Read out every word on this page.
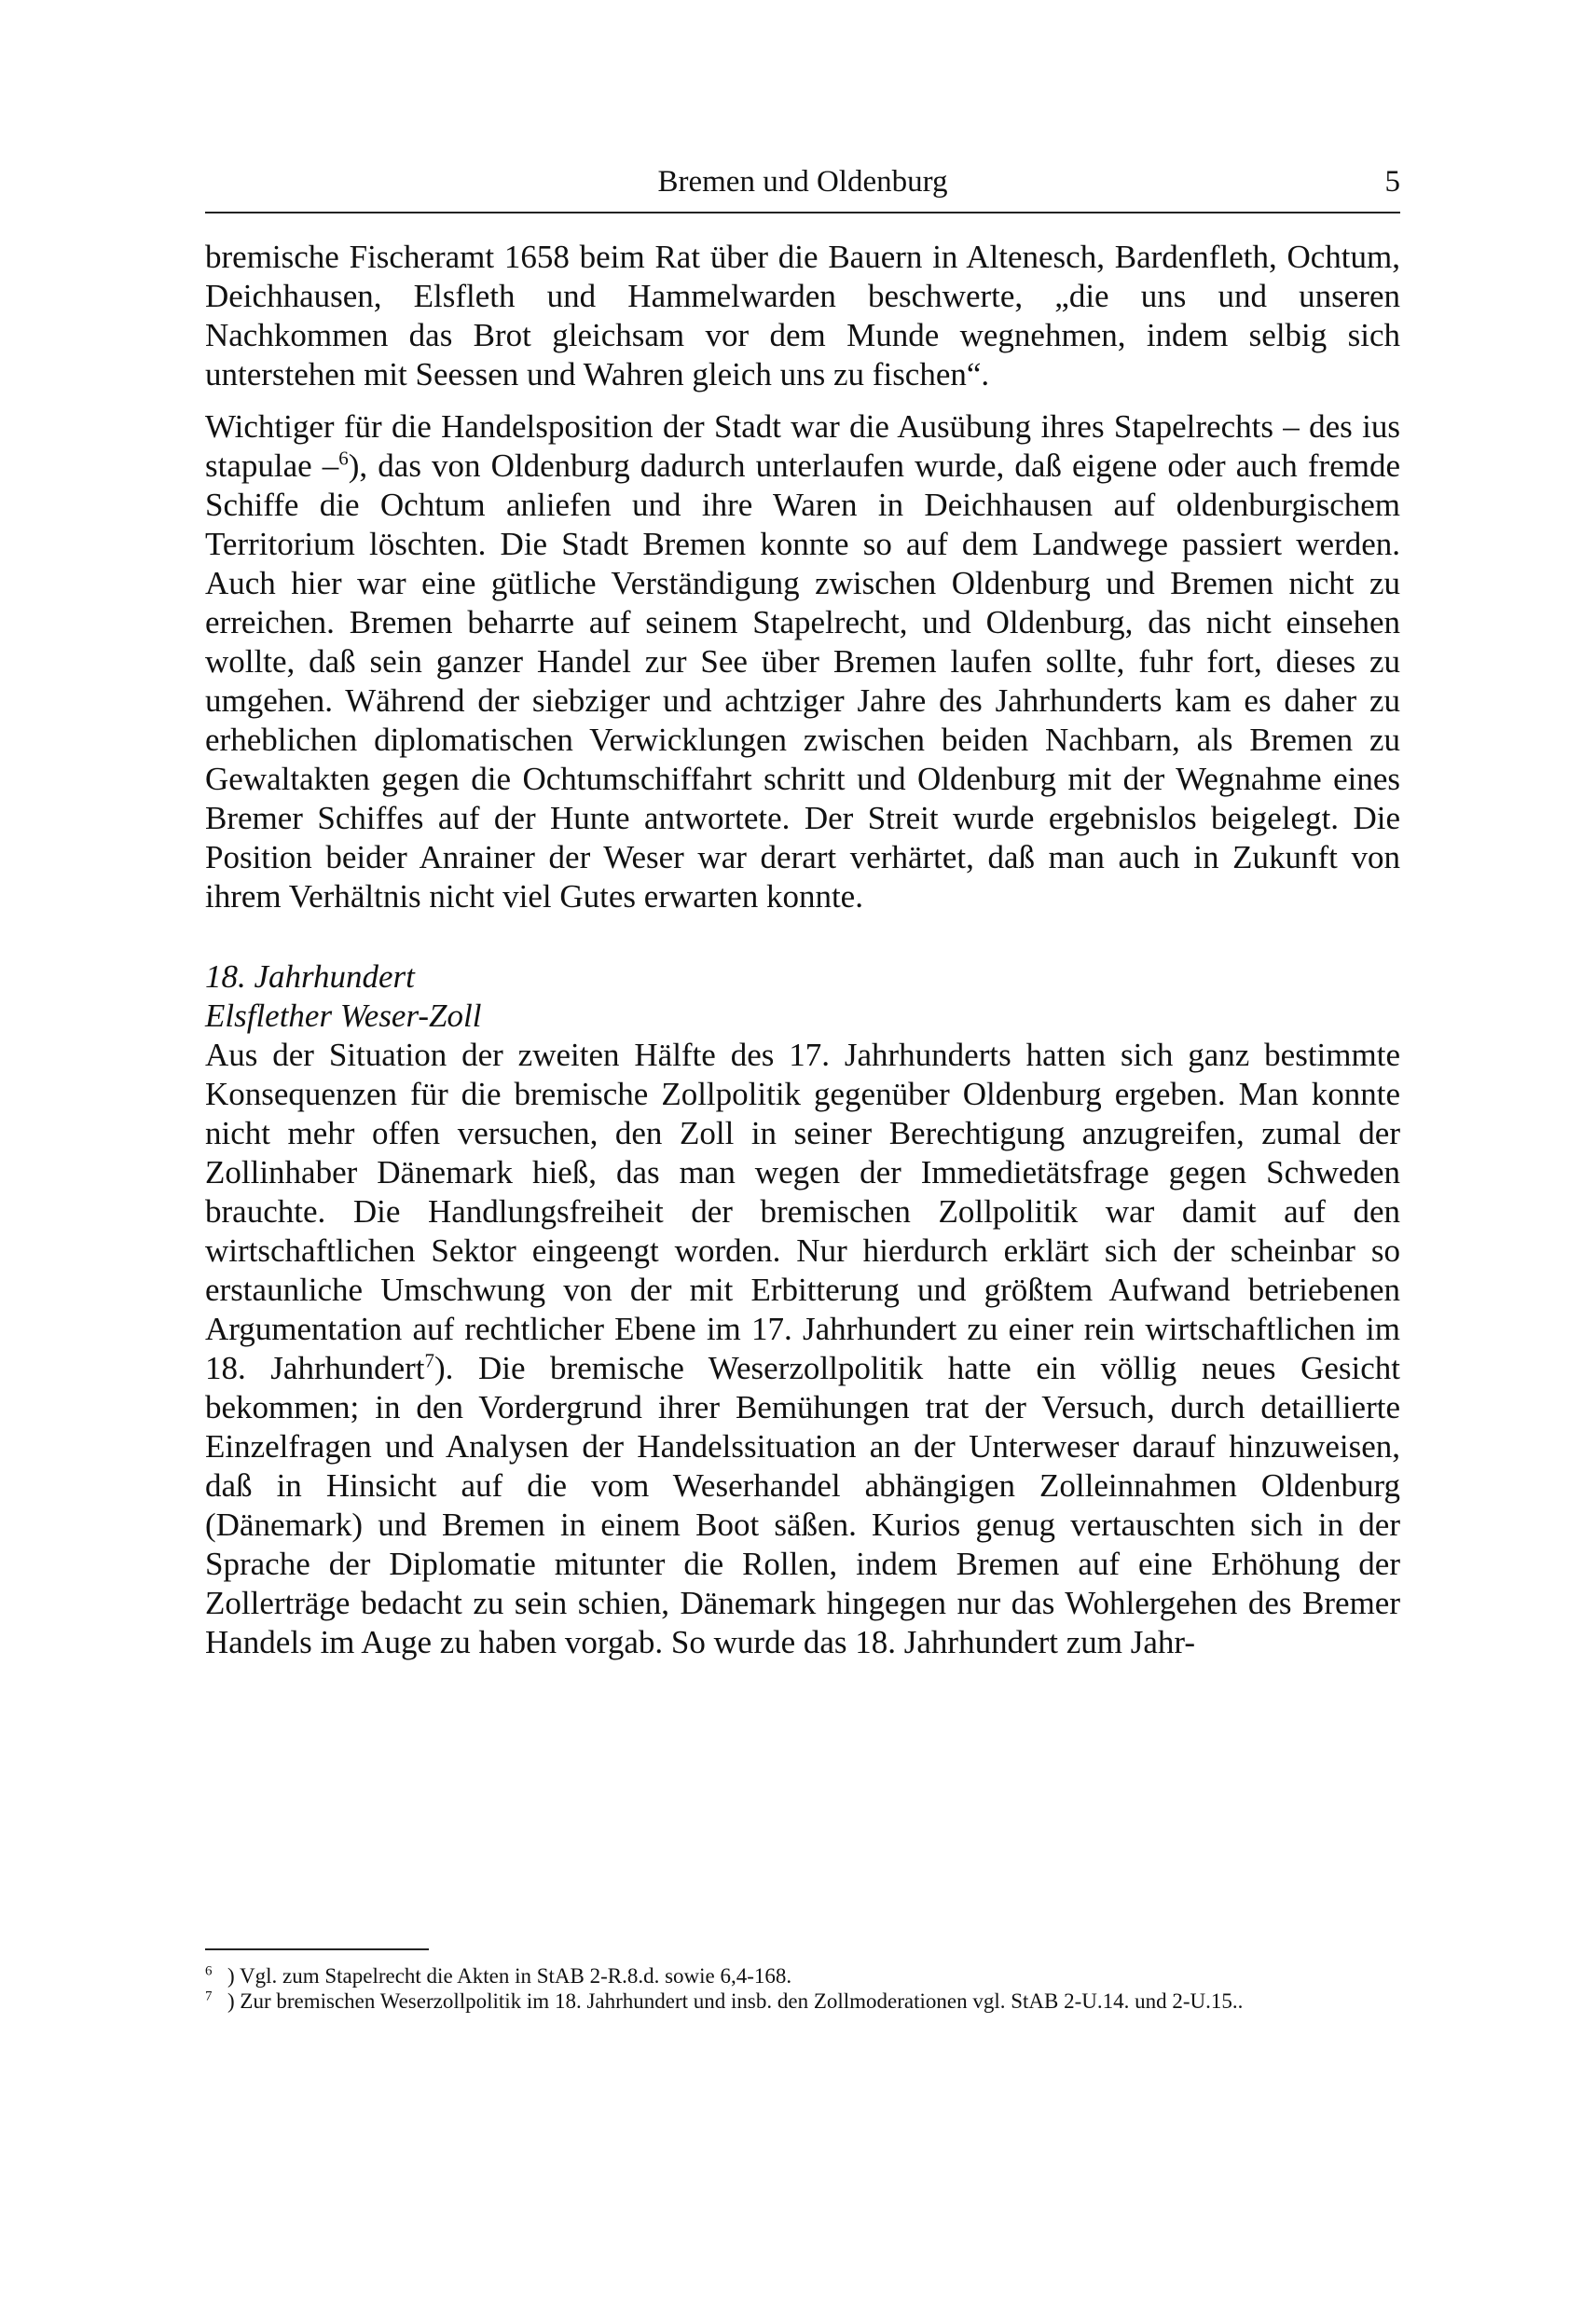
Bremen und Oldenburg	5

bremische Fischeramt 1658 beim Rat über die Bauern in Altenesch, Bardenfleth, Ochtum, Deichhausen, Elsfleth und Hammelwarden beschwerte, „die uns und unseren Nachkommen das Brot gleichsam vor dem Munde wegnehmen, indem selbig sich unterstehen mit Seessen und Wahren gleich uns zu fischen“.

Wichtiger für die Handelsposition der Stadt war die Ausübung ihres Stapelrechts – des ius stapulae –$^6$), das von Oldenburg dadurch unterlaufen wurde, daß eigene oder auch fremde Schiffe die Ochtum anliefen und ihre Waren in Deichhausen auf oldenburgischem Territorium löschten. Die Stadt Bremen konnte so auf dem Landwege passiert werden. Auch hier war eine gütliche Verständigung zwischen Oldenburg und Bremen nicht zu erreichen. Bremen beharrte auf seinem Stapelrecht, und Oldenburg, das nicht einsehen wollte, daß sein ganzer Handel zur See über Bremen laufen sollte, fuhr fort, dieses zu umgehen. Während der siebziger und achtziger Jahre des Jahrhunderts kam es daher zu erheblichen diplomatischen Verwicklungen zwischen beiden Nachbarn, als Bremen zu Gewaltakten gegen die Ochtumschiffahrt schritt und Oldenburg mit der Wegnahme eines Bremer Schiffes auf der Hunte antwortete. Der Streit wurde ergebnislos beigelegt. Die Position beider Anrainer der Weser war derart verhärtet, daß man auch in Zukunft von ihrem Verhältnis nicht viel Gutes erwarten konnte.

18. Jahrhundert

Elsflether Weser-Zoll

Aus der Situation der zweiten Hälfte des 17. Jahrhunderts hatten sich ganz bestimmte Konsequenzen für die bremische Zollpolitik gegenüber Oldenburg ergeben. Man konnte nicht mehr offen versuchen, den Zoll in seiner Berechtigung anzugreifen, zumal der Zollinhaber Dänemark hieß, das man wegen der Immedietätsfrage gegen Schweden brauchte. Die Handlungsfreiheit der bremischen Zollpolitik war damit auf den wirtschaftlichen Sektor eingeengt worden. Nur hierdurch erklärt sich der scheinbar so erstaunliche Umschwung von der mit Erbitterung und größtem Aufwand betriebenen Argumentation auf rechtlicher Ebene im 17. Jahrhundert zu einer rein wirtschaftlichen im 18. Jahrhundert$^7$). Die bremische Weserzollpolitik hatte ein völlig neues Gesicht bekommen; in den Vordergrund ihrer Bemühungen trat der Versuch, durch detaillierte Einzelfragen und Analysen der Handelssituation an der Unterweser darauf hinzuweisen, daß in Hinsicht auf die vom Weserhandel abhängigen Zolleinnahmen Oldenburg (Dänemark) und Bremen in einem Boot säßen. Kurios genug vertauschten sich in der Sprache der Diplomatie mitunter die Rollen, indem Bremen auf eine Erhöhung der Zollerträge bedacht zu sein schien, Dänemark hingegen nur das Wohlergehen des Bremer Handels im Auge zu haben vorgab. So wurde das 18. Jahrhundert zum Jahr-

$^6$ ) Vgl. zum Stapelrecht die Akten in StAB 2-R.8.d. sowie 6,4-168.

$^7$ ) Zur bremischen Weserzollpolitik im 18. Jahrhundert und insb. den Zollmoderationen vgl. StAB 2-U.14. und 2-U.15..
